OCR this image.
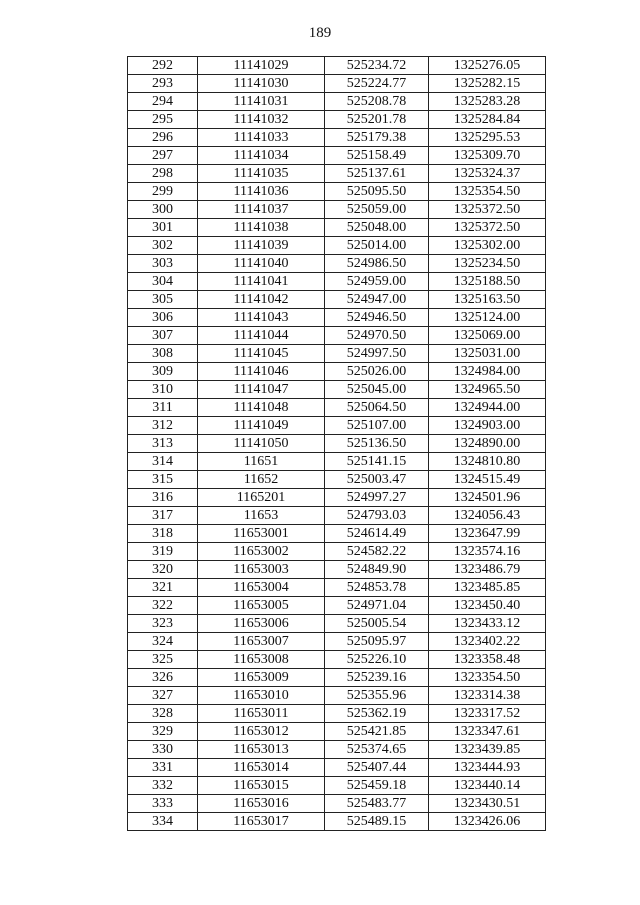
189
292	11141029	525234.72	1325276.05
293	11141030	525224.77	1325282.15
294	11141031	525208.78	1325283.28
295	11141032	525201.78	1325284.84
296	11141033	525179.38	1325295.53
297	11141034	525158.49	1325309.70
298	11141035	525137.61	1325324.37
299	11141036	525095.50	1325354.50
300	11141037	525059.00	1325372.50
301	11141038	525048.00	1325372.50
302	11141039	525014.00	1325302.00
303	11141040	524986.50	1325234.50
304	11141041	524959.00	1325188.50
305	11141042	524947.00	1325163.50
306	11141043	524946.50	1325124.00
307	11141044	524970.50	1325069.00
308	11141045	524997.50	1325031.00
309	11141046	525026.00	1324984.00
310	11141047	525045.00	1324965.50
311	11141048	525064.50	1324944.00
312	11141049	525107.00	1324903.00
313	11141050	525136.50	1324890.00
314	11651	525141.15	1324810.80
315	11652	525003.47	1324515.49
316	1165201	524997.27	1324501.96
317	11653	524793.03	1324056.43
318	11653001	524614.49	1323647.99
319	11653002	524582.22	1323574.16
320	11653003	524849.90	1323486.79
321	11653004	524853.78	1323485.85
322	11653005	524971.04	1323450.40
323	11653006	525005.54	1323433.12
324	11653007	525095.97	1323402.22
325	11653008	525226.10	1323358.48
326	11653009	525239.16	1323354.50
327	11653010	525355.96	1323314.38
328	11653011	525362.19	1323317.52
329	11653012	525421.85	1323347.61
330	11653013	525374.65	1323439.85
331	11653014	525407.44	1323444.93
332	11653015	525459.18	1323440.14
333	11653016	525483.77	1323430.51
334	11653017	525489.15	1323426.06
